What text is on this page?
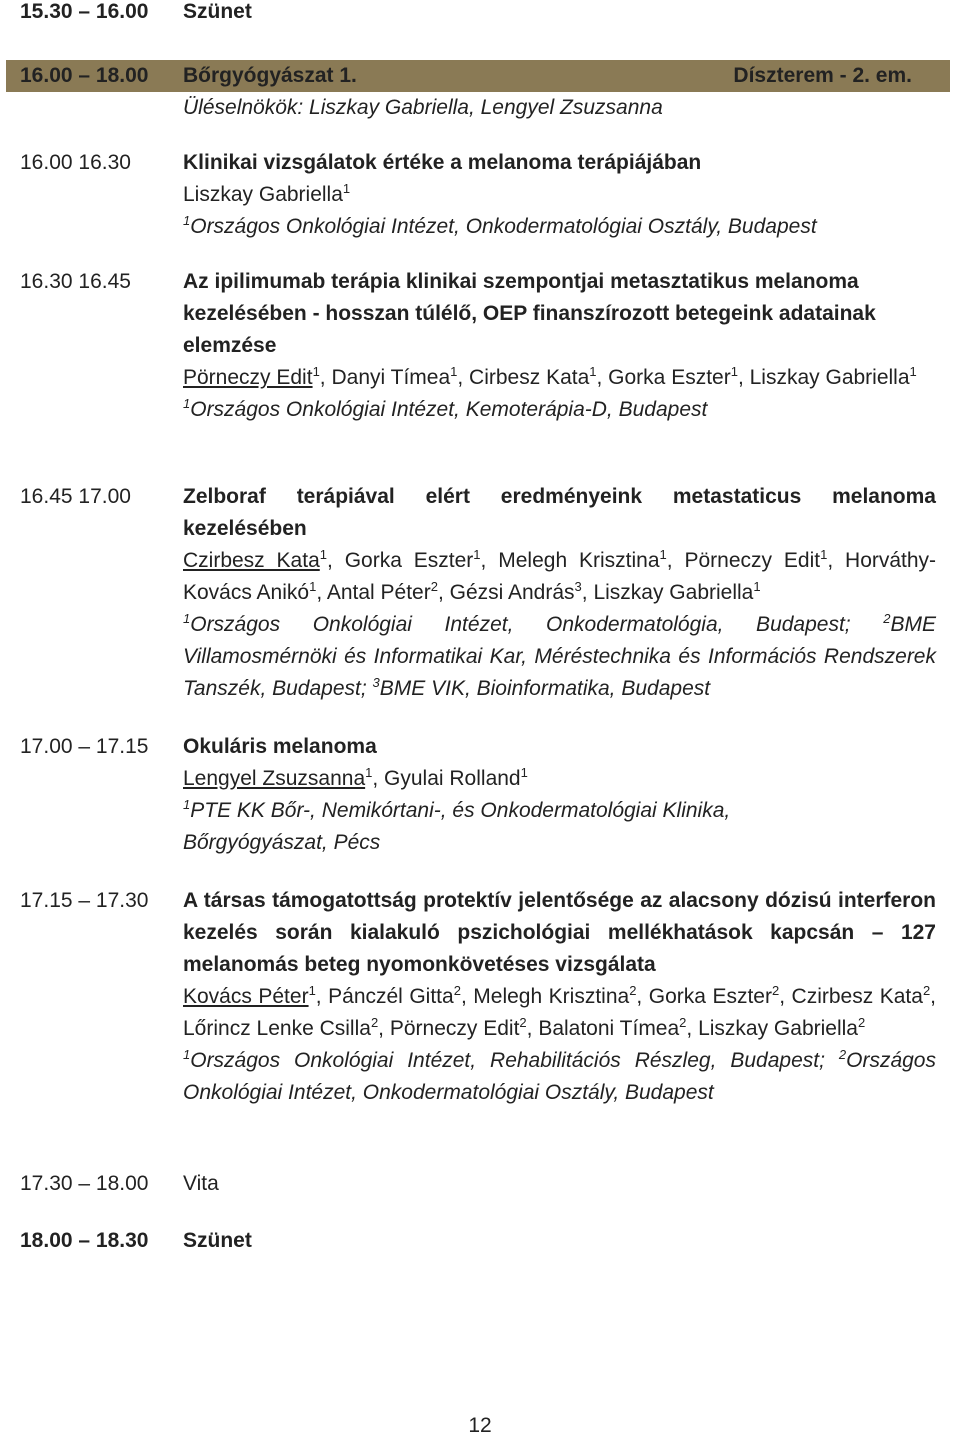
15.30 – 16.00	Szünet
16.00 – 18.00	Bőrgyógyászat 1.	Díszterem - 2. em.
Üléselnökök: Liszkay Gabriella, Lengyel Zsuzsanna
16.00 16.30	Klinikai vizsgálatok értéke a melanoma terápiájában
Liszkay Gabriella$^1$
$^1$Országos Onkológiai Intézet, Onkodermatológiai Osztály, Budapest
16.30 16.45	Az ipilimumab terápia klinikai szempontjai metasztatikus melanoma kezelésében - hosszan túlélő, OEP finanszírozott betegeink adatainak elemzése
Pörneczy Edit$^1$, Danyi Tímea$^1$, Cirbesz Kata$^1$, Gorka Eszter$^1$, Liszkay Gabriella$^1$
$^1$Országos Onkológiai Intézet, Kemoterápia-D, Budapest
16.45 17.00	Zelboraf terápiával elért eredményeink metastaticus melanoma kezelésében
Czirbesz Kata$^1$, Gorka Eszter$^1$, Melegh Krisztina$^1$, Pörneczy Edit$^1$, Horváthy-Kovács Anikó$^1$, Antal Péter$^2$, Gézsi András$^3$, Liszkay Gabriella$^1$
$^1$Országos Onkológiai Intézet, Onkodermatológia, Budapest;	$^2$BME Villamosmérnöki és Informatikai Kar, Méréstechnika és Információs Rendszerek Tanszék, Budapest; $^3$BME VIK, Bioinformatika, Budapest
17.00 – 17.15	Okuláris melanoma
Lengyel Zsuzsanna$^1$, Gyulai Rolland$^1$
$^1$PTE KK Bőr-, Nemikórtani-, és Onkodermatológiai Klinika, Bőrgyógyászat, Pécs
17.15 – 17.30	A társas támogatottság protektív jelentősége az alacsony dózisú interferon kezelés során kialakuló pszichológiai mellékhatások kapcsán – 127 melanomás beteg nyomonkövetéses vizsgálata
Kovács Péter$^1$, Pánczél Gitta$^2$, Melegh Krisztina$^2$, Gorka Eszter$^2$, Czirbesz Kata$^2$, Lőrincz Lenke Csilla$^2$, Pörneczy Edit$^2$, Balatoni Tímea$^2$, Liszkay Gabriella$^2$
$^1$Országos Onkológiai Intézet, Rehabilitációs Részleg, Budapest; $^2$Országos Onkológiai Intézet, Onkodermatológiai Osztály, Budapest
17.30 – 18.00	Vita
18.00 – 18.30	Szünet
12
